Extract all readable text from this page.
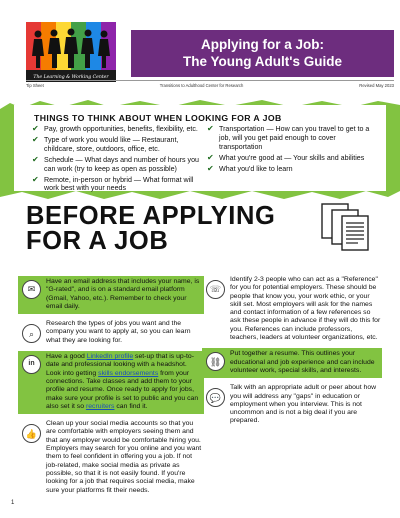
The Learning & Working Center
Applying for a Job:
The Young Adult's Guide
Tip Sheet	Transitions to Adulthood Center for Research	Revised May 2023
THINGS TO THINK ABOUT WHEN LOOKING FOR A JOB
✔ Pay, growth opportunities, benefits, flexibility, etc.
✔ Type of work you would like — Restaurant, childcare, store, outdoors, office, etc.
✔ Schedule — What days and number of hours you can work (try to keep as open as possible)
✔ Remote, in-person or hybrid — What format will work best with your needs
✔ Transportation — How can you travel to get to a job, will you get paid enough to cover transportation
✔ What you're good at — Your skills and abilities
✔ What you'd like to learn
BEFORE APPLYING
FOR A JOB
✉
Have an email address that includes your name, is "G-rated", and is on a standard email platform (Gmail, Yahoo, etc.). Remember to check your email daily.
⌕
Research the types of jobs you want and the company you want to apply at, so you can learn what they are looking for.
in
Have a good LinkedIn profile set-up that is up-to-date and professional looking with a headshot. Look into getting skills endorsements from your connections. Take classes and add them to your profile and resume. Once ready to apply for jobs, make sure your profile is set to public and you can also set it so recruiters can find it.
👍
Clean up your social media accounts so that you are comfortable with employers seeing them and that any employer would be comfortable hiring you. Employers may search for you online and you want them to feel confident in offering you a job. If not job-related, make social media as private as possible, so that it is not easily found. If you're looking for a job that requires social media, make sure your platforms fit their needs.
☏
Identify 2-3 people who can act as a "Reference" for you for potential employers. These should be people that know you, your work ethic, or your skill set. Most employers will ask for the names and contact information of a few references so ask these people in advance if they will do this for you. References can include professors, teachers, leaders at volunteer organizations, etc.
⛓
Put together a resume. This outlines your educational and job experience and can include volunteer work, special skills, and interests.
💬
Talk with an appropriate adult or peer about how you will address any "gaps" in education or employment when you interview. This is not uncommon and is not a big deal if you are prepared.
1
